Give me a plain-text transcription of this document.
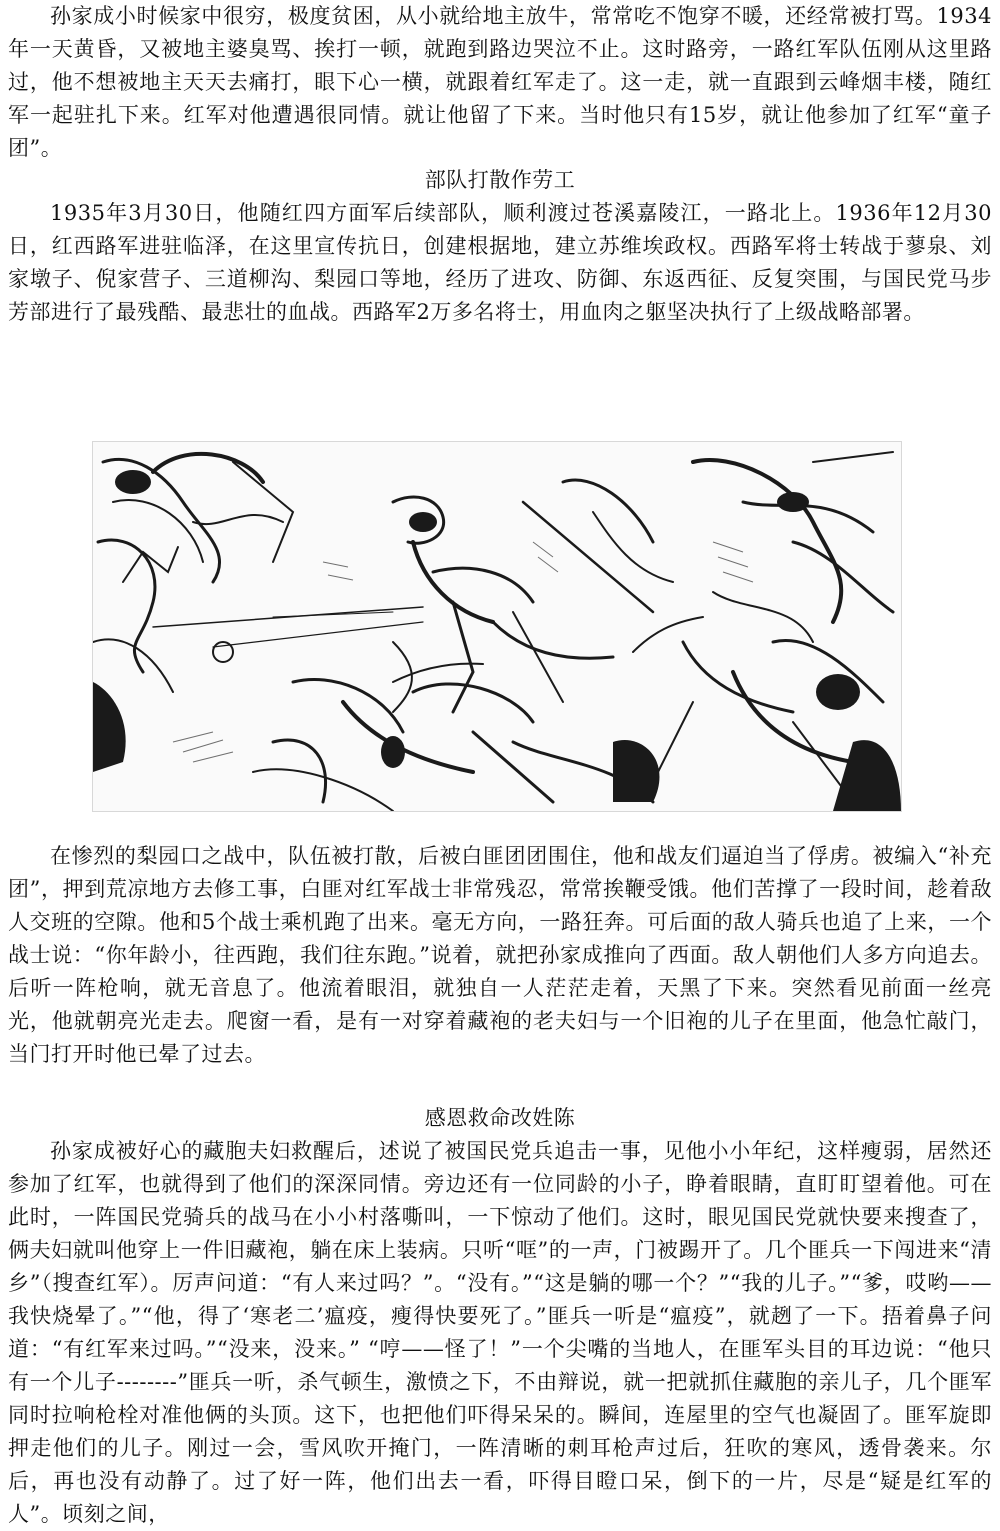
孙家成小时候家中很穷，极度贫困，从小就给地主放牛，常常吃不饱穿不暖，还经常被打骂。1934年一天黄昏，又被地主婆臭骂、挨打一顿，就跑到路边哭泣不止。这时路旁，一路红军队伍刚从这里路过，他不想被地主天天去痛打，眼下心一横，就跟着红军走了。这一走，就一直跟到云峰烟丰楼，随红军一起驻扎下来。红军对他遭遇很同情。就让他留了下来。当时他只有15岁，就让他参加了红军“童子团”。

部队打散作劳工

1935年3月30日，他随红四方面军后续部队，顺利渡过苍溪嘉陵江，一路北上。1936年12月30日，红西路军进驻临泽，在这里宣传抗日，创建根据地，建立苏维埃政权。西路军将士转战于蓼泉、刘家墩子、倪家营子、三道柳沟、梨园口等地，经历了进攻、防御、东返西征、反复突围，与国民党马步芳部进行了最残酷、最悲壮的血战。西路军2万多名将士，用血肉之躯坚决执行了上级战略部署。

在惨烈的梨园口之战中，队伍被打散，后被白匪团团围住，他和战友们逼迫当了俘虏。被编入“补充团”，押到荒凉地方去修工事，白匪对红军战士非常残忍，常常挨鞭受饿。他们苦撑了一段时间，趁着敌人交班的空隙。他和5个战士乘机跑了出来。毫无方向，一路狂奔。可后面的敌人骑兵也追了上来，一个战士说：“你年龄小，往西跑，我们往东跑。”说着，就把孙家成推向了西面。敌人朝他们人多方向追去。后听一阵枪响，就无音息了。他流着眼泪，就独自一人茫茫走着，天黑了下来。突然看见前面一丝亮光，他就朝亮光走去。爬窗一看，是有一对穿着藏袍的老夫妇与一个旧袍的儿子在里面，他急忙敲门，当门打开时他已晕了过去。

感恩救命改姓陈

孙家成被好心的藏胞夫妇救醒后，述说了被国民党兵追击一事，见他小小年纪，这样瘦弱，居然还参加了红军，也就得到了他们的深深同情。旁边还有一位同龄的小子，睁着眼睛，直盯盯望着他。可在此时，一阵国民党骑兵的战马在小小村落嘶叫，一下惊动了他们。这时，眼见国民党就快要来搜查了，俩夫妇就叫他穿上一件旧藏袍，躺在床上装病。只听“哐”的一声，门被踢开了。几个匪兵一下闯进来“清乡”（搜查红军）。厉声问道：“有人来过吗？”。“没有。”“这是躺的哪一个？”“我的儿子。”“爹，哎哟——我快烧晕了。”“他，得了‘寒老二’瘟疫，瘦得快要死了。”匪兵一听是“瘟疫”，就趔了一下。捂着鼻子问道：“有红军来过吗。”“没来，没来。” “哼——怪了！”一个尖嘴的当地人，在匪军头目的耳边说：“他只有一个儿子--------”匪兵一听，杀气顿生，激愤之下，不由辩说，就一把就抓住藏胞的亲儿子，几个匪军同时拉响枪栓对准他俩的头顶。这下，也把他们吓得呆呆的。瞬间，连屋里的空气也凝固了。匪军旋即押走他们的儿子。刚过一会，雪风吹开掩门，一阵清晰的刺耳枪声过后，狂吹的寒风，透骨袭来。尔后，再也没有动静了。过了好一阵，他们出去一看，吓得目瞪口呆，倒下的一片，尽是“疑是红军的人”。顷刻之间，
